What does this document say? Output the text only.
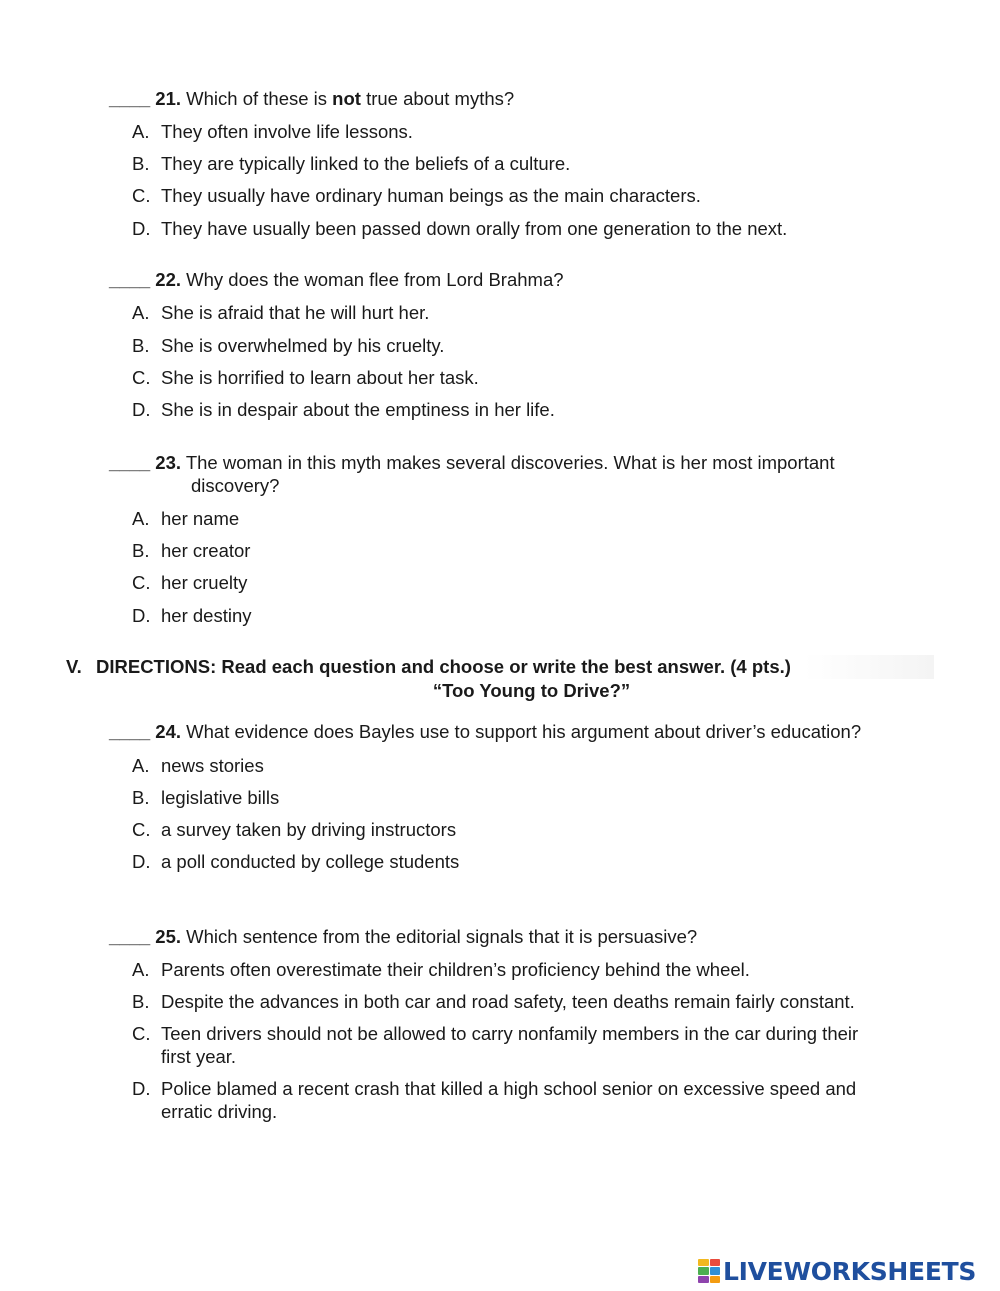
____ 21. Which of these is not true about myths?
A. They often involve life lessons.
B. They are typically linked to the beliefs of a culture.
C. They usually have ordinary human beings as the main characters.
D. They have usually been passed down orally from one generation to the next.
____ 22. Why does the woman flee from Lord Brahma?
A. She is afraid that he will hurt her.
B. She is overwhelmed by his cruelty.
C. She is horrified to learn about her task.
D. She is in despair about the emptiness in her life.
____ 23. The woman in this myth makes several discoveries. What is her most important
discovery?
A. her name
B. her creator
C. her cruelty
D. her destiny
V. DIRECTIONS: Read each question and choose or write the best answer. (4 pts.)
“Too Young to Drive?”
____ 24. What evidence does Bayles use to support his argument about driver’s education?
A. news stories
B. legislative bills
C. a survey taken by driving instructors
D. a poll conducted by college students
____ 25. Which sentence from the editorial signals that it is persuasive?
A. Parents often overestimate their children’s proficiency behind the wheel.
B. Despite the advances in both car and road safety, teen deaths remain fairly constant.
C. Teen drivers should not be allowed to carry nonfamily members in the car during their
first year.
D. Police blamed a recent crash that killed a high school senior on excessive speed and
erratic driving.
LIVEWORKSHEETS
